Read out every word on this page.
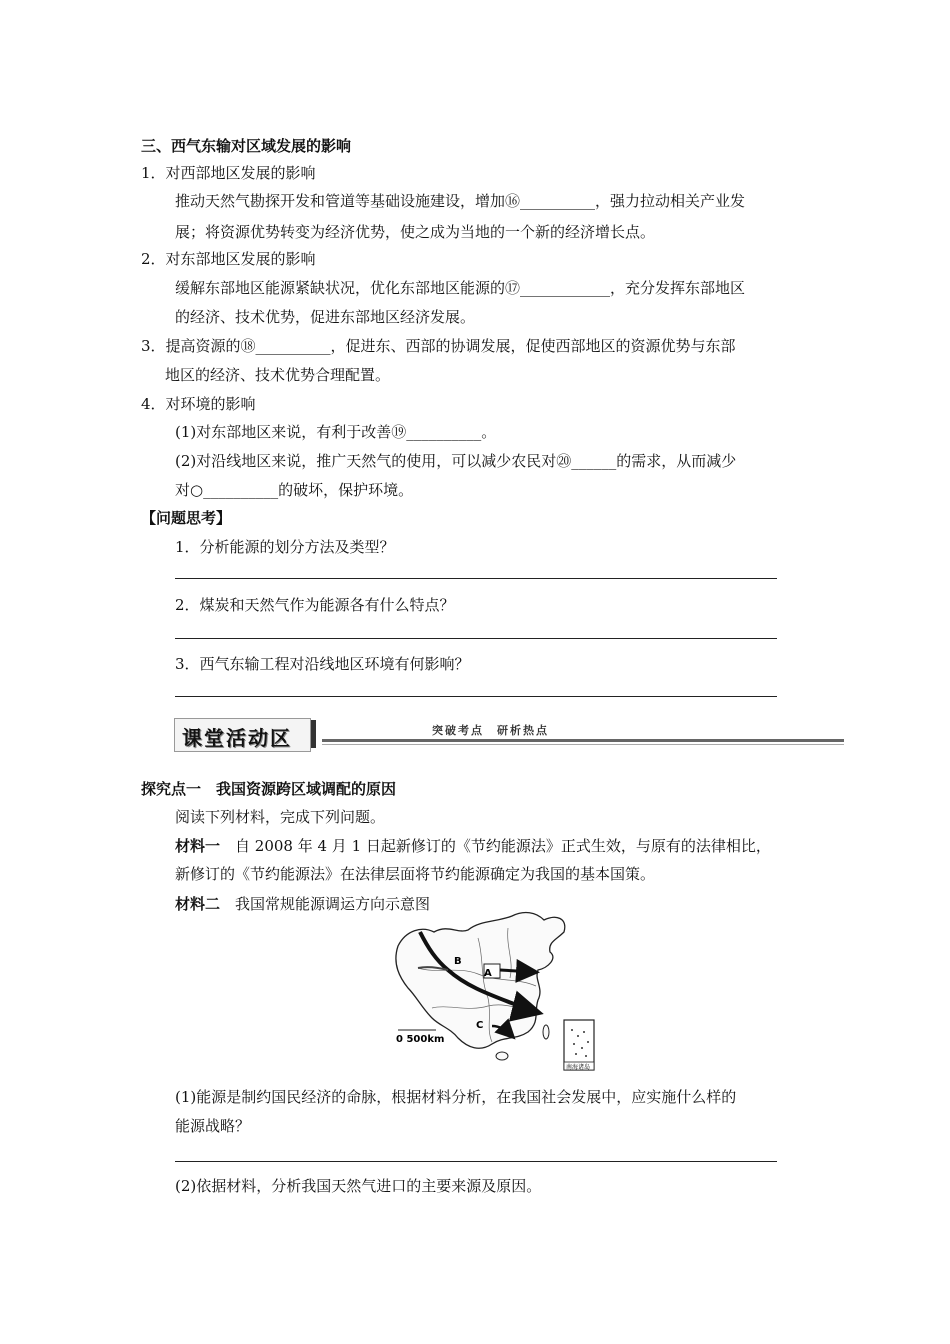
三、西气东输对区域发展的影响
1．对西部地区发展的影响
推动天然气勘探开发和管道等基础设施建设，增加⑯__________，强力拉动相关产业发
展；将资源优势转变为经济优势，使之成为当地的一个新的经济增长点。
2．对东部地区发展的影响
缓解东部地区能源紧缺状况，优化东部地区能源的⑰____________，充分发挥东部地区
的经济、技术优势，促进东部地区经济发展。
3．提高资源的⑱__________，促进东、西部的协调发展，促使西部地区的资源优势与东部
地区的经济、技术优势合理配置。
4．对环境的影响
(1)对东部地区来说，有利于改善⑲__________。
(2)对沿线地区来说，推广天然气的使用，可以减少农民对⑳______的需求，从而减少
对○__________的破坏，保护环境。
【问题思考】
1．分析能源的划分方法及类型？
2．煤炭和天然气作为能源各有什么特点？
3．西气东输工程对沿线地区环境有何影响？
课堂活动区	突破考点　研析热点
探究点一　我国资源跨区域调配的原因
阅读下列材料，完成下列问题。
材料一　自 2008 年 4 月 1 日起新修订的《节约能源法》正式生效，与原有的法律相比，
新修订的《节约能源法》在法律层面将节约能源确定为我国的基本国策。
材料二　我国常规能源调运方向示意图
B
A
C
0 500km
南海诸岛
(1)能源是制约国民经济的命脉，根据材料分析，在我国社会发展中，应实施什么样的
能源战略？
(2)依据材料，分析我国天然气进口的主要来源及原因。
